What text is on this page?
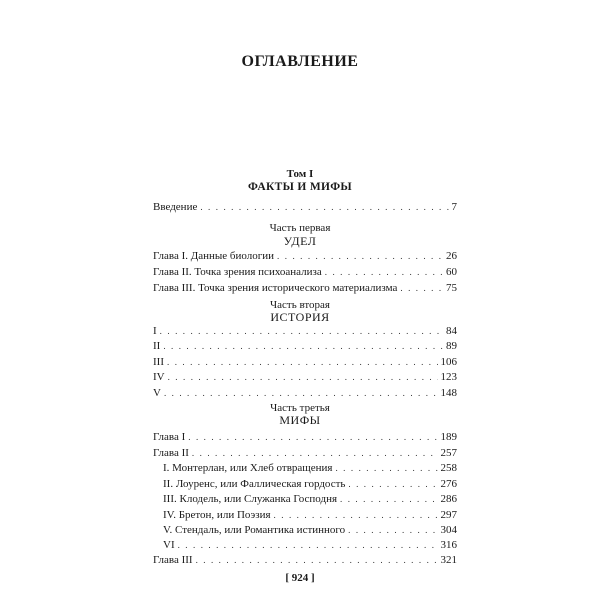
ОГЛАВЛЕНИЕ
Том I
ФАКТЫ И МИФЫ
Введение . . .	7
Часть первая
УДЕЛ
Глава I. Данные биологии . . .	26
Глава II. Точка зрения психоанализа . . .	60
Глава III. Точка зрения исторического материализма . . .	75
Часть вторая
ИСТОРИЯ
I . . .	84
II . . .	89
III . . .	106
IV . . .	123
V . . .	148
Часть третья
МИФЫ
Глава I . . .	189
Глава II . . .	257
I. Монтерлан, или Хлеб отвращения . . .	258
II. Лоуренс, или Фаллическая гордость . . .	276
III. Клодель, или Служанка Господня . . .	286
IV. Бретон, или Поэзия . . .	297
V. Стендаль, или Романтика истинного . . .	304
VI . . .	316
Глава III . . .	321
[ 924 ]
